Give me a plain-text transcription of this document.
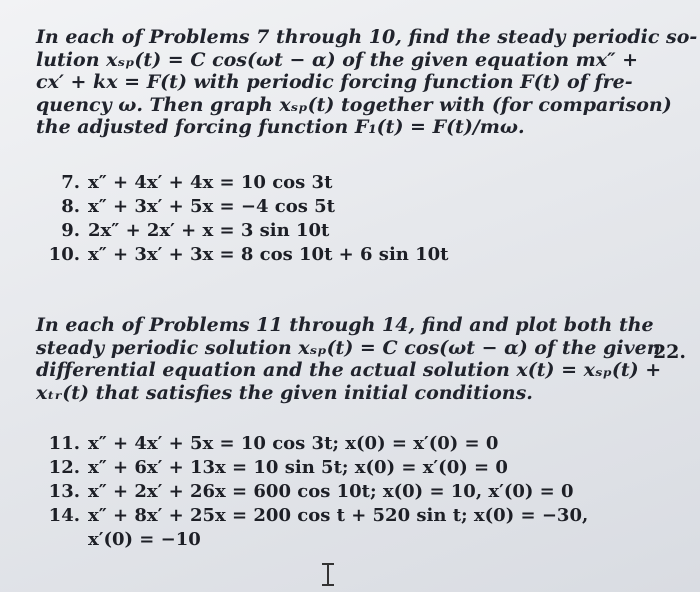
In each of Problems 7 through 10, find the steady periodic so-
lution xₛₚ(t) = C cos(ωt − α) of the given equation mx″ +
cx′ + kx = F(t) with periodic forcing function F(t) of fre-
quency ω. Then graph xₛₚ(t) together with (for comparison)
the adjusted forcing function F₁(t) = F(t)/mω.
7. x″ + 4x′ + 4x = 10 cos 3t
8. x″ + 3x′ + 5x = −4 cos 5t
9. 2x″ + 2x′ + x = 3 sin 10t
10. x″ + 3x′ + 3x = 8 cos 10t + 6 sin 10t
In each of Problems 11 through 14, find and plot both the
steady periodic solution xₛₚ(t) = C cos(ωt − α) of the given
differential equation and the actual solution x(t) = xₛₚ(t) +
xₜᵣ(t) that satisfies the given initial conditions.
22.
11. x″ + 4x′ + 5x = 10 cos 3t; x(0) = x′(0) = 0
12. x″ + 6x′ + 13x = 10 sin 5t; x(0) = x′(0) = 0
13. x″ + 2x′ + 26x = 600 cos 10t; x(0) = 10, x′(0) = 0
14. x″ + 8x′ + 25x = 200 cos t + 520 sin t; x(0) = −30,
x′(0) = −10
